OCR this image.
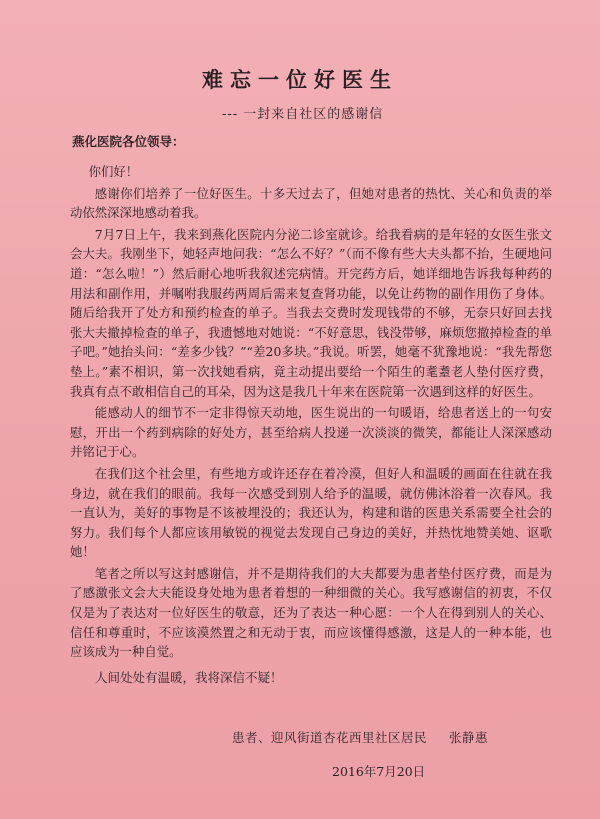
难忘一位好医生
--- 一封来自社区的感谢信
燕化医院各位领导：

你们好！

感谢你们培养了一位好医生。十多天过去了，但她对患者的热忱、关心和负责的举动依然深深地感动着我。

7月7日上午，我来到燕化医院内分泌二诊室就诊。给我看病的是年轻的女医生张文会大夫。我刚坐下，她轻声地问我：“怎么不好？”（而不像有些大夫头都不抬，生硬地问道：“怎么啦！”）然后耐心地听我叙述完病情。开完药方后，她详细地告诉我每种药的用法和副作用，并嘱咐我服药两周后需来复查肾功能，以免让药物的副作用伤了身体。随后给我开了处方和预约检查的单子。当我去交费时发现钱带的不够，无奈只好回去找张大夫撤掉检查的单子，我遗憾地对她说：“不好意思，钱没带够，麻烦您撤掉检查的单子吧。”她抬头问：“差多少钱？”“差20多块。”我说。听罢，她毫不犹豫地说：“我先帮您垫上。”素不相识，第一次找她看病，竟主动提出要给一个陌生的耄耋老人垫付医疗费，我真有点不敢相信自己的耳朵，因为这是我几十年来在医院第一次遇到这样的好医生。

能感动人的细节不一定非得惊天动地，医生说出的一句暖语，给患者送上的一句安慰，开出一个药到病除的好处方，甚至给病人投递一次淡淡的微笑，都能让人深深感动并铭记于心。

在我们这个社会里，有些地方或许还存在着冷漠，但好人和温暖的画面在往就在我身边，就在我们的眼前。我每一次感受到别人给予的温暖，就仿佛沐浴着一次春风。我一直认为，美好的事物是不该被埋没的；我还认为，构建和谐的医患关系需要全社会的努力。我们每个人都应该用敏锐的视觉去发现自己身边的美好，并热忱地赞美她、讴歌她！

笔者之所以写这封感谢信，并不是期待我们的大夫都要为患者垫付医疗费，而是为了感激张文会大夫能设身处地为患者着想的一种细微的关心。我写感谢信的初衷，不仅仅是为了表达对一位好医生的敬意，还为了表达一种心愿：一个人在得到别人的关心、信任和尊重时，不应该漠然置之和无动于衷，而应该懂得感激，这是人的一种本能，也应该成为一种自觉。

人间处处有温暖，我将深信不疑！
患者、迎风街道杏花西里社区居民 张静惠
2016年7月20日
